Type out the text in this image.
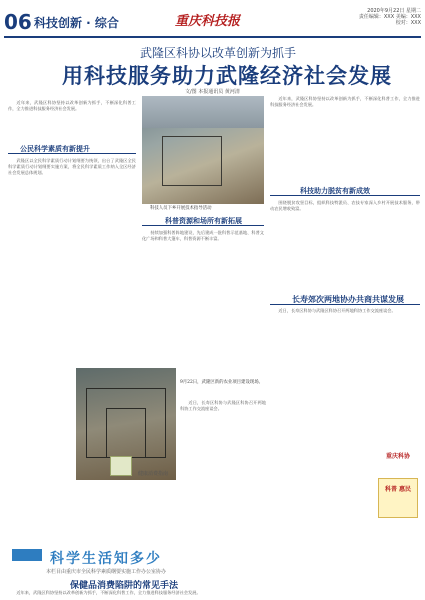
06 科技创新 · 综合	重庆科技报
2020年9月22日 星期二
责任编辑：XXX 美编：XXX
校对：XXX
武隆区科协以改革创新为抓手
用科技服务助力武隆经济社会发展
文/图 本报通讯员 黄河清

近年来，武隆区科协坚持以改革创新为抓手，不断深化科普工作，全力推进科技服务经济社会发展。

公民科学素质有新提升

武隆区以全民科学素质行动计划纲要为统领，出台了武隆区全民科学素质行动计划纲要实施方案，将全民科学素质工作纳入全区经济社会发展总体规划。

科技人员下乡开展技术指导活动
科普资源和场所有新拓展

持续加强科普阵地建设，先后建成一批科普示范基地、科普文化广场和科普大篷车，科普资源不断丰富。

近年来，武隆区科协坚持以改革创新为抓手，不断深化科普工作，全力推进科技服务经济社会发展。

科技助力脱贫有新成效

围绕脱贫攻坚目标，组织科技特派员、农技专家深入乡村开展技术服务，带动农民增收致富。

长寿郊次两地协办共商共谋发展

近日，长寿区科协与武隆区科协召开两地科协工作交流座谈会。

9月22日，武隆区新的农业项目建设现场。

近日，长寿区科协与武隆区科协召开两地科协工作交流座谈会。

科学生活知多少
本栏目由重庆市全民科学素质纲要实施工作办公室协办
保健品消费陷阱的常见手法
健康消费指南
重庆科协
科普 惠民

近年来，武隆区科协坚持以改革创新为抓手，不断深化科普工作，全力推进科技服务经济社会发展。
